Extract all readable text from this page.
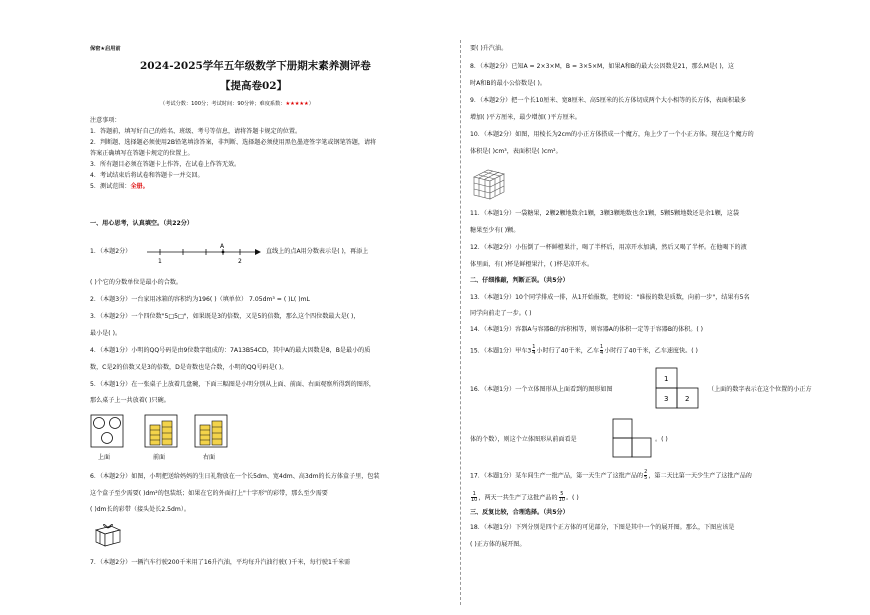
保密★启用前
2024-2025学年五年级数学下册期末素养测评卷
【提高卷02】
（考试分数：100分；考试时间：90分钟；难度系数：★★★★★）
注意事项：
1．答题前，填写好自己的姓名、班级、考号等信息，请将答题卡规定的位置。
2．判断题、选择题必须使用2B铅笔填涂答案，非判断、选择题必须使用黑色墨迹签字笔或钢笔答题，请将
答案正确填写在答题卡规定的位置上。
3．所有题目必须在答题卡上作答，在试卷上作答无效。
4．考试结束后将试卷和答题卡一并交回。
5．测试范围：全册。
一、用心思考，认真填空。（共22分）
1．（本题2分）
A
1	2
直线上的点A用分数表示是( )，再添上
( )个它的分数单位是最小的合数。
2．（本题3分）一台家用冰箱的容积约为196( )（填单位） 7.05dm³ = ( )L( )mL
3．（本题2分）一个四位数"5□5□"，如果既是3的倍数，又是5的倍数，那么这个四位数最大是( )，
最小是( )。
4．（本题1分）小明的QQ号码是由9位数字组成的：7A13B54CD，其中A的最大因数是8，B是最小的质
数，C是2的倍数又是3的倍数，D是奇数也是合数，小明的QQ号码是( )。
5．（本题1分）在一张桌子上放着几盘碗，下面三幅图是小明分别从上面、前面、右面观察所得到的图形，
那么桌子上一共放着( )只碗。
上面	前面	右面
6．（本题2分）如图，小明把送给妈妈的生日礼物放在一个长5dm、宽4dm、高3dm的长方体盒子里，包装
这个盒子至少需要( )dm²的包装纸；如果在它的外面打上"十字形"的彩带，那么至少需要
( )dm长的彩带（接头处长2.5dm）。
7．（本题2分）一辆汽车行驶200千米用了16升汽油，平均每升汽油行驶( )千米，每行驶1千米需
要( )升汽油。
8．（本题2分）已知A = 2×3×M，B = 3×5×M，如果A和B的最大公因数是21，那么M是( )，这
时A和B的最小公倍数是( )。
9．（本题2分）把一个长10厘米、宽8厘米、高5厘米的长方体切成两个大小相等的长方体，表面积最多
增加( )平方厘米，最少增加( )平方厘米。
10．（本题2分）如图，用棱长为2cm的小正方体搭成一个魔方，角上少了一个小正方体。现在这个魔方的
体积是( )cm³，表面积是( )cm²。
11．（本题1分）一袋糖果，2颗2颗地数余1颗，3颗3颗地数也余1颗，5颗5颗地数还是余1颗，这袋
糖果至少有( )颗。
12．（本题2分）小伍倒了一杯鲜橙果汁，喝了半杯后，用凉开水加满，然后又喝了半杯。在他喝下的液
体里面，有( )杯是鲜橙果汁，( )杯是凉开水。
二、仔细推敲，判断正误。（共5分）
13．（本题1分）10个同学排成一排，从1开始报数，老师说："谁报的数是质数，向前一步"，结果有5名
同学向前走了一步。( )
14．（本题1分）容器A与容器B的容积相等，则容器A的体积一定等于容器B的体积。( )
15．（本题1分）甲车$3 \frac{1}{4}$ 小时行了40千米，乙车 $\frac{1}{4}$ 小时行了40千米，乙车速度快。( )
16．（本题1分）一个立体图形从上面看到的图形如图
1
3 2
（上面的数字表示在这个位置的小正方
体的个数），则这个立体图形从前面看是	。( )
17．（本题1分）某车间生产一批产品，第一天生产了这批产品的 $\frac{2}{5}$ ，第二天比第一天少生产了这批产品的
$\frac{1}{10}$ ，两天一共生产了这批产品的 $\frac{5}{10}$ 。( )
三、反复比较，合理选择。（共5分）
18．（本题1分）下列分别是四个正方体的可见部分，下图是其中一个的展开图。那么，下图应该是
( )正方体的展开图。
